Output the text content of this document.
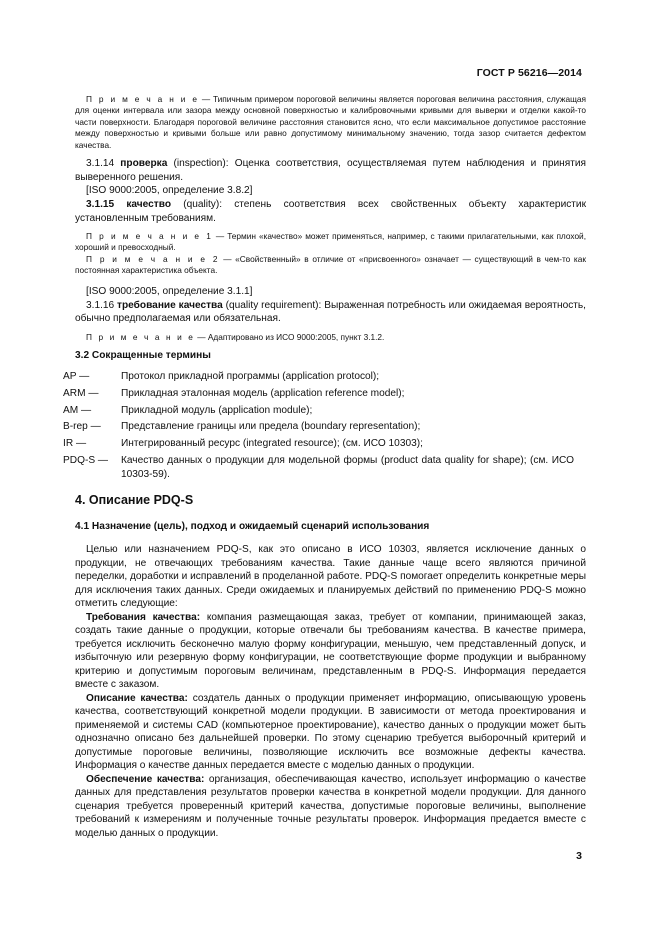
ГОСТ Р 56216—2014

П р и м е ч а н и е — Типичным примером пороговой величины является пороговая величина расстояния, служащая для оценки интервала или зазора между основной поверхностью и калибровочными кривыми для выверки и отделки какой-то части поверхности. Благодаря пороговой величине расстояния становится ясно, что если максимальное допустимое расстояние между поверхностью и кривыми больше или равно допустимому минимальному значению, тогда зазор считается дефектом качества.

3.1.14 проверка (inspection): Оценка соответствия, осуществляемая путем наблюдения и принятия выверенного решения.

[ISO 9000:2005, определение 3.8.2]

3.1.15 качество (quality): степень соответствия всех свойственных объекту характеристик установленным требованиям.

П р и м е ч а н и е 1 — Термин «качество» может применяться, например, с такими прилагательными, как плохой, хороший и превосходный.

П р и м е ч а н и е 2 — «Свойственный» в отличие от «присвоенного» означает — существующий в чем-то как постоянная характеристика объекта.

[ISO 9000:2005, определение 3.1.1]

3.1.16 требование качества (quality requirement): Выраженная потребность или ожидаемая вероятность, обычно предполагаемая или обязательная.

П р и м е ч а н и е — Адаптировано из ИСО 9000:2005, пункт 3.1.2.

3.2 Сокращенные термины
AP —	Протокол прикладной программы (application protocol);
ARM —	Прикладная эталонная модель (application reference model);
AM —	Прикладной модуль (application module);
B-rep —	Представление границы или предела (boundary representation);
IR —	Интегрированный ресурс (integrated resource); (см. ИСО 10303);
PDQ-S —	Качество данных о продукции для модельной формы (product data quality for shape); (см. ИСО 10303-59).
4. Описание PDQ-S
4.1 Назначение (цель), подход и ожидаемый сценарий использования

Целью или назначением PDQ-S, как это описано в ИСО 10303, является исключение данных о продукции, не отвечающих требованиям качества. Такие данные чаще всего являются причиной переделки, доработки и исправлений в проделанной работе. PDQ-S помогает определить конкретные меры для исключения таких данных. Среди ожидаемых и планируемых действий по применению PDQ-S можно отметить следующие:

Требования качества: компания размещающая заказ, требует от компании, принимающей заказ, создать такие данные о продукции, которые отвечали бы требованиям качества. В качестве примера, требуется исключить бесконечно малую форму конфигурации, меньшую, чем представленный допуск, и избыточную или резервную форму конфигурации, не соответствующие форме продукции и выбранному критерию и допустимым пороговым величинам, представленным в PDQ-S. Информация передается вместе с заказом.

Описание качества: создатель данных о продукции применяет информацию, описывающую уровень качества, соответствующий конкретной модели продукции. В зависимости от метода проектирования и применяемой и системы CAD (компьютерное проектирование), качество данных о продукции может быть однозначно описано без дальнейшей проверки. По этому сценарию требуется выборочный критерий и допустимые пороговые величины, позволяющие исключить все возможные дефекты качества. Информация о качестве данных передается вместе с моделью данных о продукции.

Обеспечение качества: организация, обеспечивающая качество, использует информацию о качестве данных для представления результатов проверки качества в конкретной модели продукции. Для данного сценария требуется проверенный критерий качества, допустимые пороговые величины, выполнение требований к измерениям и полученные точные результаты проверок. Информация предается вместе с моделью данных о продукции.

3
